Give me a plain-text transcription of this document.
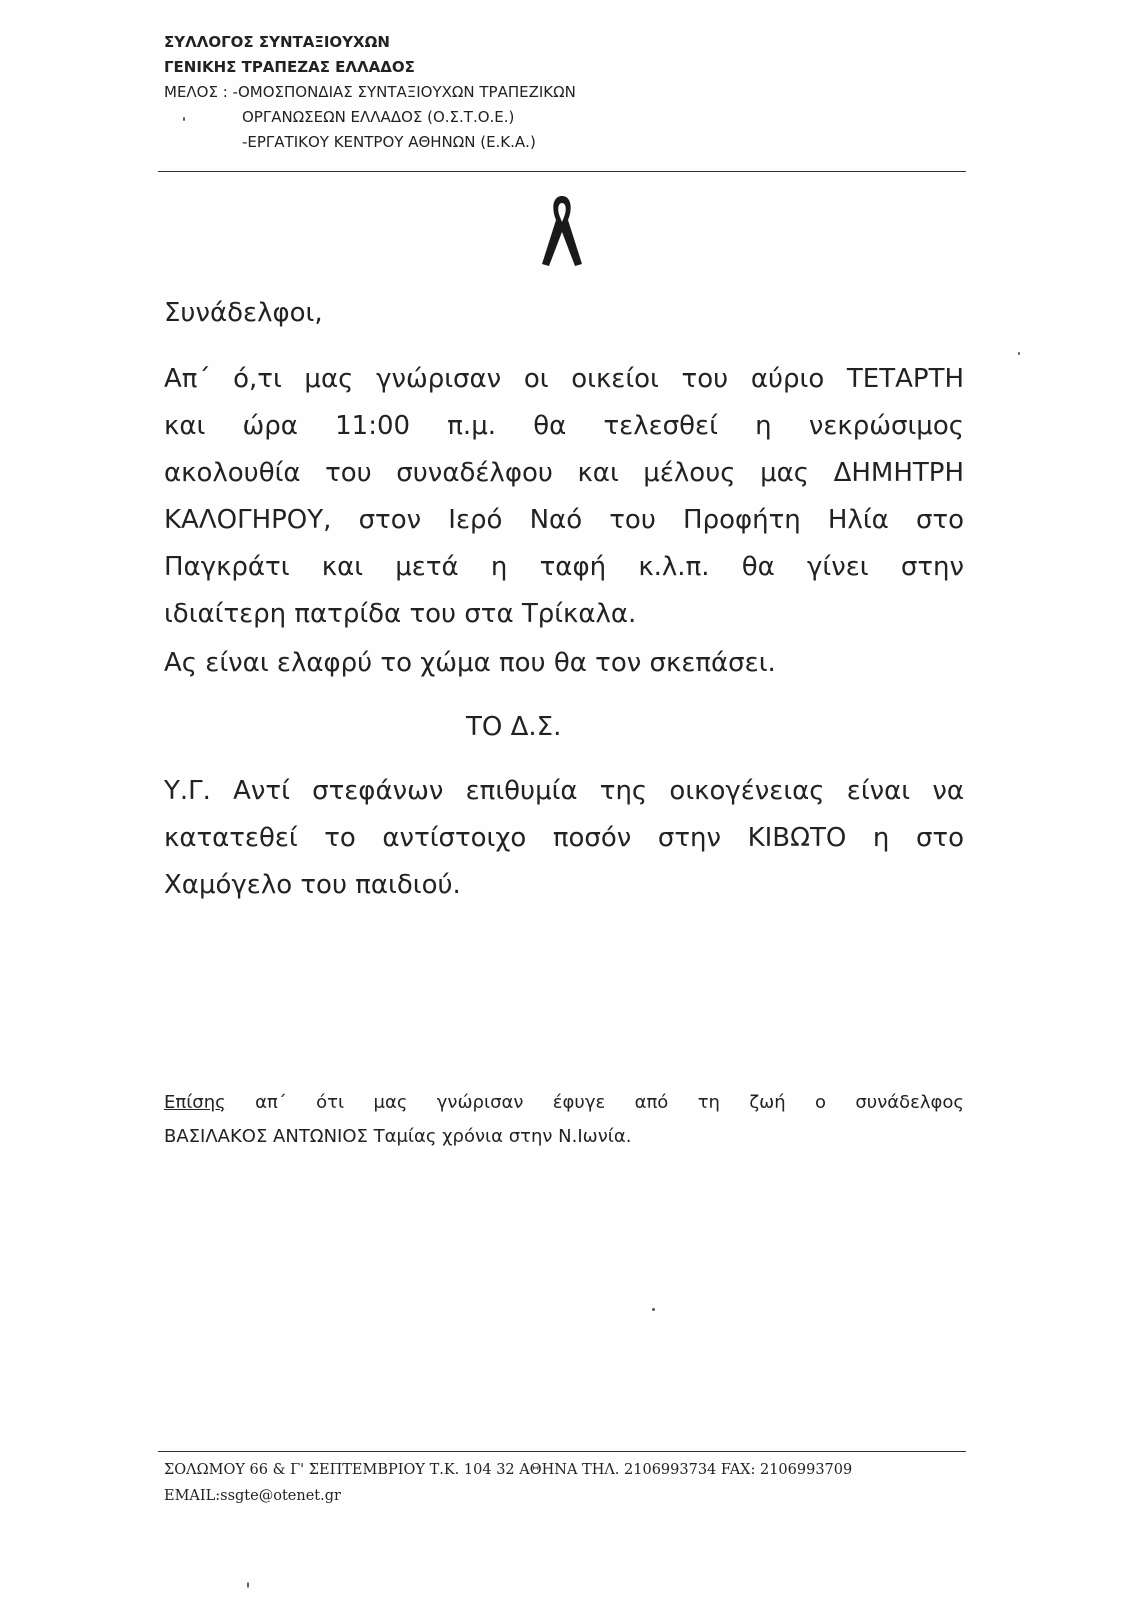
ΣΥΛΛΟΓΟΣ ΣΥΝΤΑΞΙΟΥΧΩΝ
ΓΕΝΙΚΗΣ ΤΡΑΠΕΖΑΣ ΕΛΛΑΔΟΣ
ΜΕΛΟΣ : -ΟΜΟΣΠΟΝΔΙΑΣ ΣΥΝΤΑΞΙΟΥΧΩΝ ΤΡΑΠΕΖΙΚΩΝ
ΟΡΓΑΝΩΣΕΩΝ ΕΛΛΑΔΟΣ (Ο.Σ.Τ.Ο.Ε.)
-ΕΡΓΑΤΙΚΟΥ ΚΕΝΤΡΟΥ ΑΘΗΝΩΝ (Ε.Κ.Α.)
Συνάδελφοι,
Απ΄ ό,τι μας γνώρισαν οι οικείοι του αύριο ΤΕΤΑΡΤΗ
και ώρα 11:00 π.μ. θα τελεσθεί η νεκρώσιμος
ακολουθία του συναδέλφου και μέλους μας ΔΗΜΗΤΡΗ
ΚΑΛΟΓΗΡΟΥ, στον Ιερό Ναό του Προφήτη Ηλία στο
Παγκράτι και μετά η ταφή κ.λ.π. θα γίνει στην
ιδιαίτερη πατρίδα του στα Τρίκαλα.
Ας είναι ελαφρύ το χώμα που θα τον σκεπάσει.
ΤΟ Δ.Σ.
Υ.Γ. Αντί στεφάνων επιθυμία της οικογένειας είναι να
κατατεθεί το αντίστοιχο ποσόν στην ΚΙΒΩΤΟ η στο
Χαμόγελο του παιδιού.
Επίσης απ΄ ότι μας γνώρισαν έφυγε από τη ζωή ο συνάδελφος
ΒΑΣΙΛΑΚΟΣ ΑΝΤΩΝΙΟΣ Ταμίας χρόνια στην Ν.Ιωνία.
ΣΟΛΩΜΟΥ 66 & Γ' ΣΕΠΤΕΜΒΡΙΟΥ Τ.Κ. 104 32 ΑΘΗΝΑ ΤΗΛ. 2106993734 FAX: 2106993709
EMAIL:ssgte@otenet.gr
